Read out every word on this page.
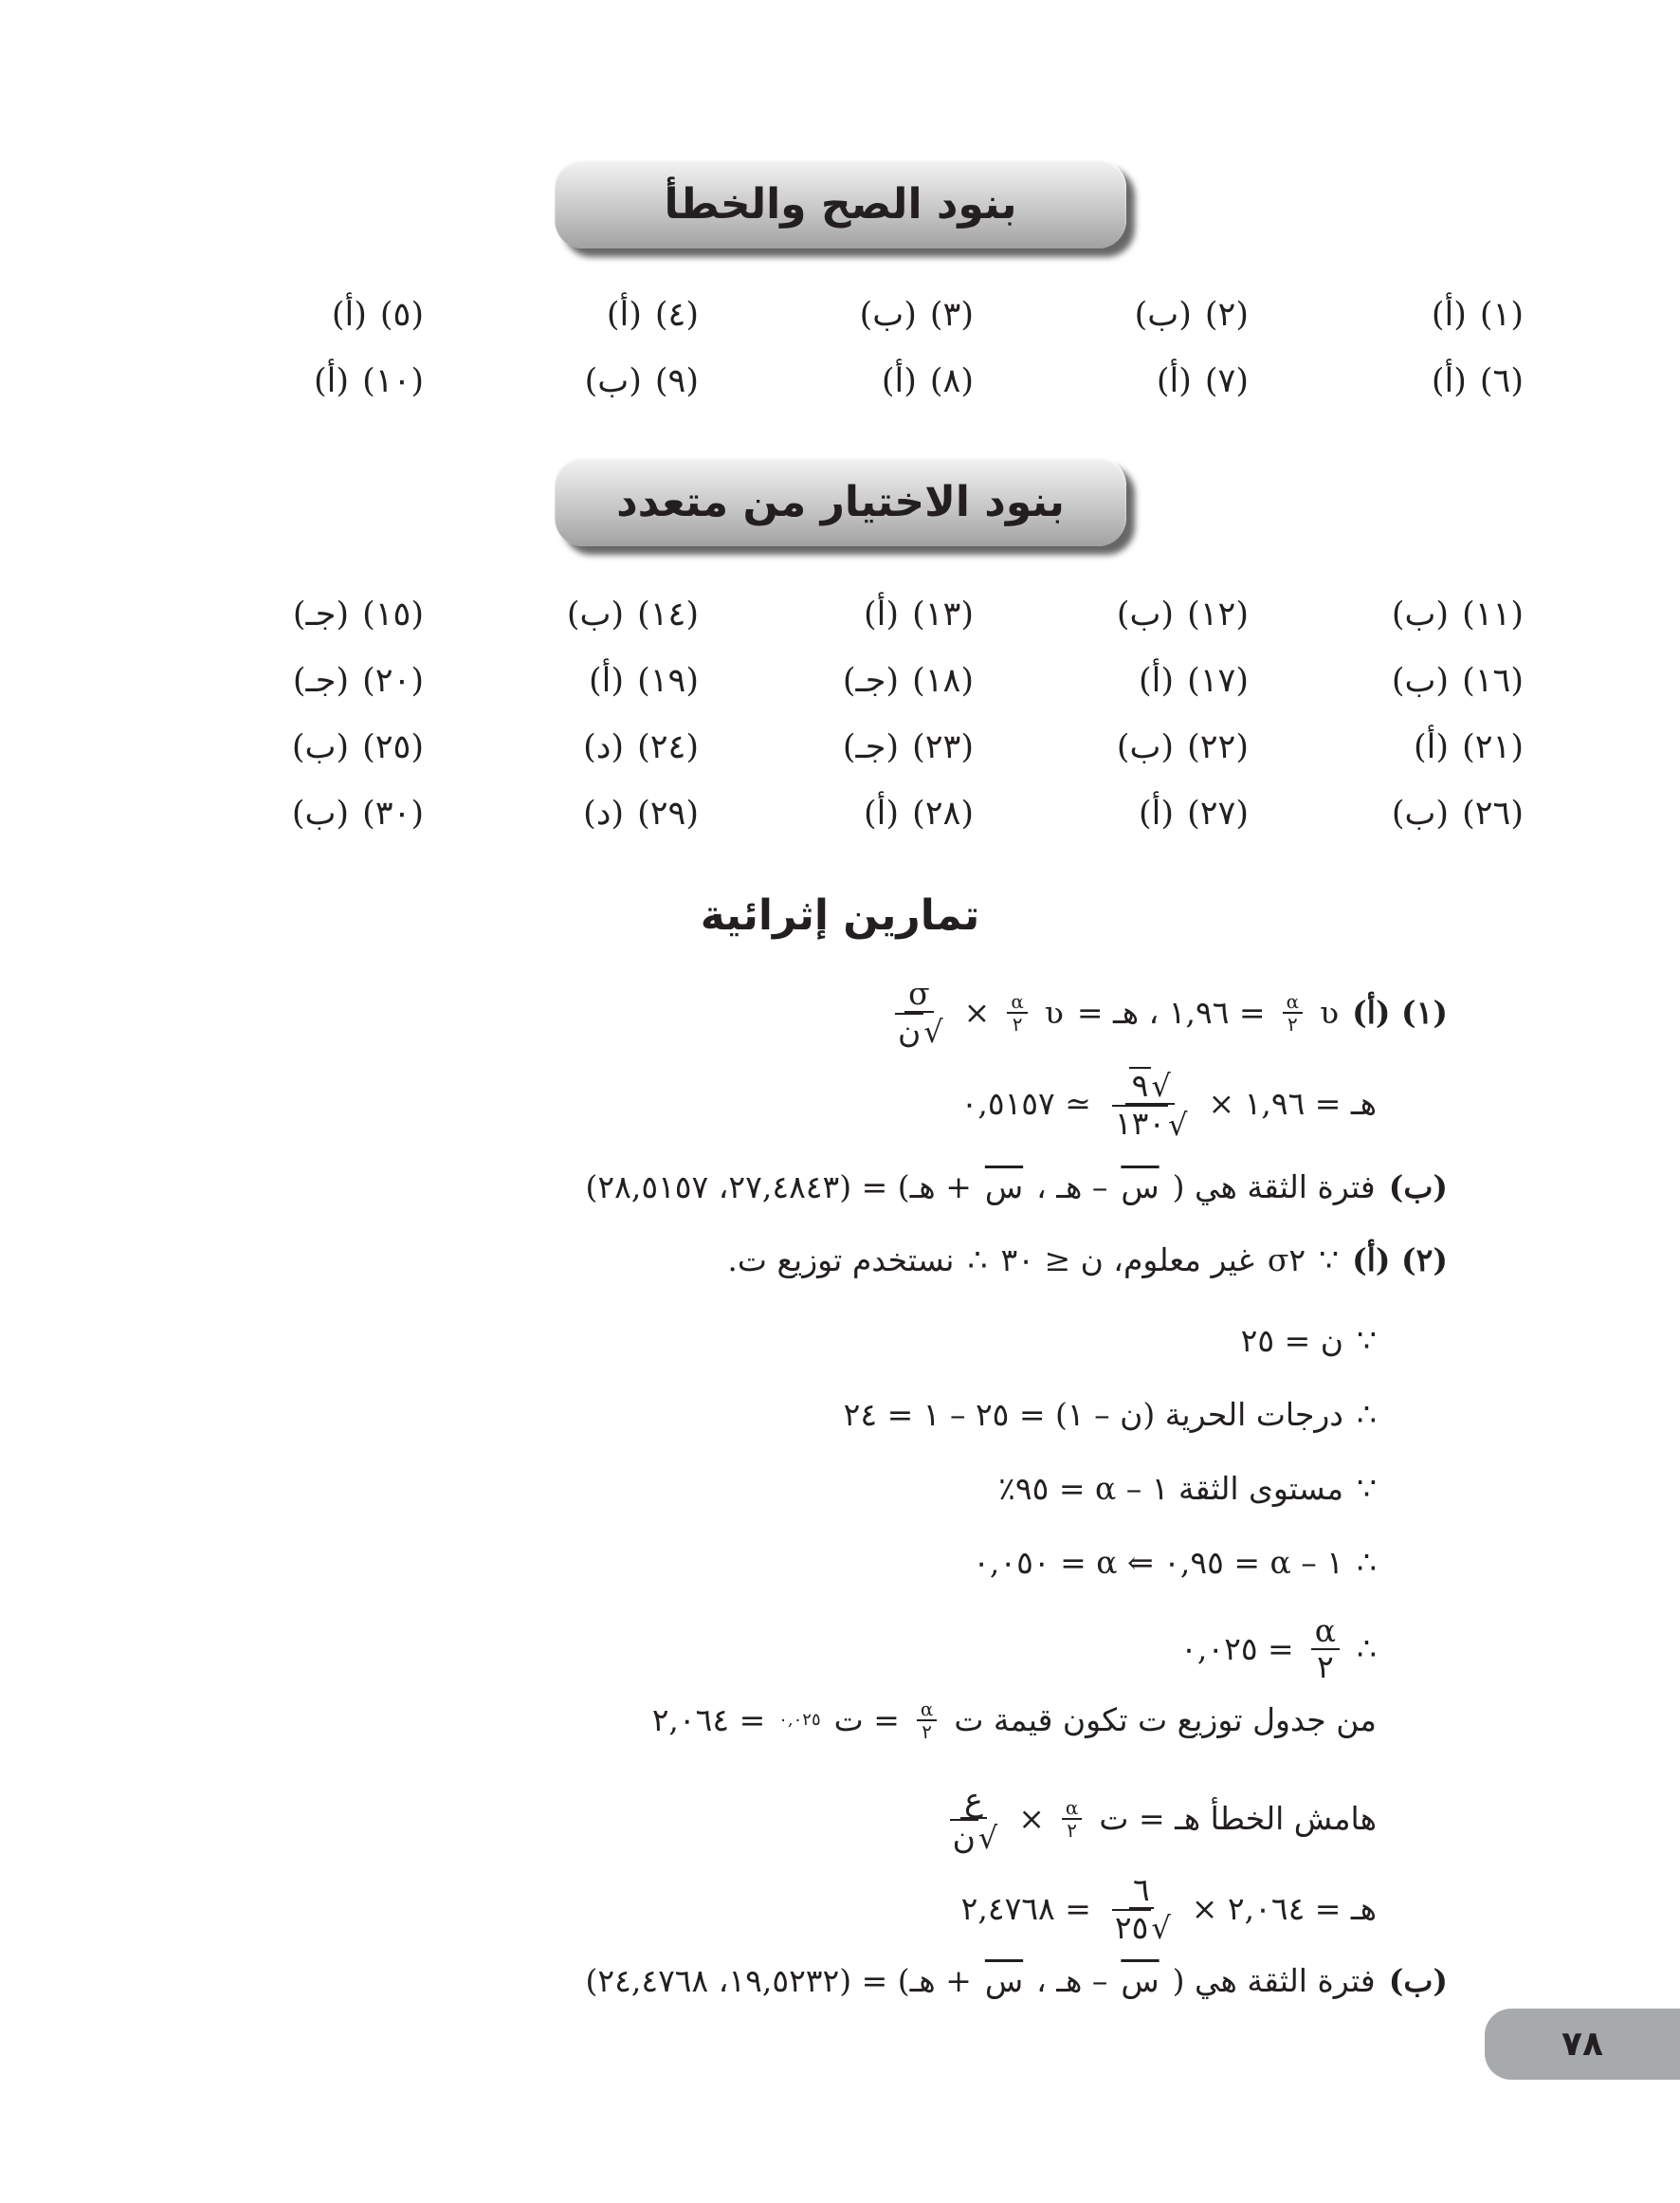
بنود الصح والخطأ
(١)
(أ)
(٢)
(ب)
(٣)
(ب)
(٤)
(أ)
(٥)
(أ)
(٦)
(أ)
(٧)
(أ)
(٨)
(أ)
(٩)
(ب)
(١٠)
(أ)
بنود الاختيار من متعدد
(١١)
(ب)
(١٢)
(ب)
(١٣)
(أ)
(١٤)
(ب)
(١٥)
(جـ)
(١٦)
(ب)
(١٧)
(أ)
(١٨)
(جـ)
(١٩)
(أ)
(٢٠)
(جـ)
(٢١)
(أ)
(٢٢)
(ب)
(٢٣)
(جـ)
(٢٤)
(د)
(٢٥)
(ب)
(٢٦)
(ب)
(٢٧)
(أ)
(٢٨)
(أ)
(٢٩)
(د)
(٣٠)
(ب)
تمارين إثرائية
(١) (أ)
ʋ
$\frac{\alpha}{٢}$
= ١,٩٦ ، هـ =
ʋ
$\frac{\alpha}{٢}$
×
σ
√
ن
هـ = ١,٩٦ ×
√
٩
√
١٣٠
≃ ٠,٥١٥٧
(ب)
فترة الثقة هي (
س
– هـ ،
س
+ هـ) = (٢٧,٤٨٤٣، ٢٨,٥١٥٧)
(٢) (أ)
∵
σ٢
غير معلوم، ن ≤ ٣٠
∴
نستخدم توزيع ت.
∵
ن = ٢٥
∴
درجات الحرية (ن – ١) = ٢٥ – ١ = ٢٤
∵
مستوى الثقة ١ – α = ٩٥٪
∴
١ – α = ٠,٩٥ ⇐ α = ٠,٠٥٠
∴
$\frac{\alpha}{٢}$
= ٠,٠٢٥
من جدول توزيع ت تكون قيمة ت
$\frac{\alpha}{٢}$
= ت
٠,٠٢٥
= ٢,٠٦٤
هامش الخطأ هـ = ت
$\frac{\alpha}{٢}$
×
ع
√
ن
هـ = ٢,٠٦٤ ×
٦
√
٢٥
= ٢,٤٧٦٨
(ب)
فترة الثقة هي (
س
– هـ ،
س
+ هـ) = (١٩,٥٢٣٢، ٢٤,٤٧٦٨)
٧٨
